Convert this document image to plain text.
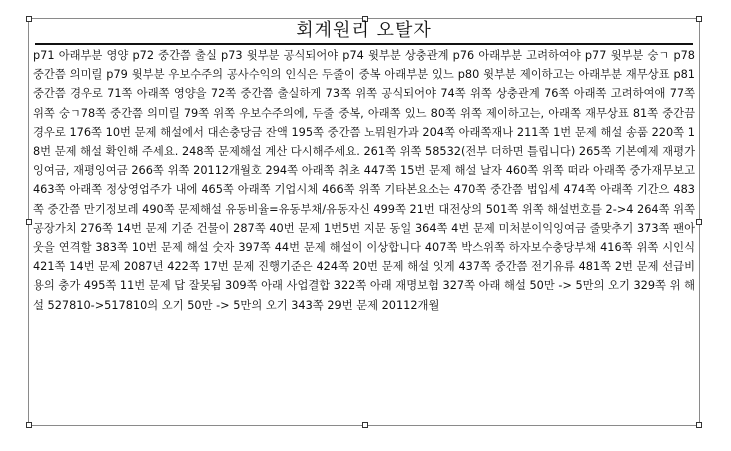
회계원리 오탈자
p71 아래부분 영양 p72 중간쯤 출실 p73 윗부분 공식되어야 p74 윗부분 상충관계 p76 아래부분 고려하여야 p77 윗부분 숭ㄱ p78 중간쯤 의미릴 p79 윗부분 우보수주의 공사수익의 인식은 두줄이 중복 아래부분 있느 p80 윗부분 제이하고는 아래부분 재무상표 p81 중간쯤 경우로 71쪽 아래쪽 영양을 72쪽 중간쯤 출실하게 73쪽 위쪽 공식되어야 74쪽 위쪽 상충관계 76쪽 아래쪽 고려하여애 77쪽 위쪽 숭ㄱ78쪽 중간쯤 의미릴 79쪽 위쪽 우보수주의에, 두줄 중복, 아래쪽 있느 80쪽 위쪽 제이하고는, 아래쪽 재무상표 81쪽 중간끔 경우로 176쪽 10번 문제 해설에서 대손충당금 잔액 195쪽 중간쯤 노뭐원가과 204쪽 아래쪽재나 211쪽 1번 문제 해설 송품 220쪽 18번 문제 해설 확인해 주세요. 248쪽 문제해설 계산 다시해주세요. 261쪽 위쪽 58532(전부 더하면 틀립니다) 265쪽 기본예제 재평가잉여금, 재평잉여금 266쪽 위쪽 20112개월호 294쪽 아래쪽 취초 447쪽 15번 문제 해설 날자 460쪽 위쪽 떠라 아래쪽 중가재무보고 463쪽 아래쪽 정상영업주가 내에 465쪽 아래쪽 기업시체 466쪽 위쪽 기타본요소는 470쪽 중간쯤 법입세 474쪽 아래쪽 기간으 483쪽 중간쯤 만기정보레 490쪽 문제해설 유동비율=유동부채/유동자신 499쪽 21번 대전상의 501쪽 위쪽 해설번호를 2->4 264쪽 위쪽 공장가치 276쪽 14번 문제 기준 건물이 287쪽 40번 문제 1번5번 지문 동일 364쪽 4번 문제 미처분이익잉여금 줄맞추기 373쪽 팬아웃을 연격할 383쪽 10번 문제 해설 숫자 397쪽 44번 문제 해설이 이상합니다 407쪽 박스위쪽 하자보수충당부채 416쪽 위쪽 시인식 421쪽 14번 문제 2087년 422쪽 17번 문제 진행기준은 424쪽 20번 문제 해설 잇게 437쪽 중간쯤 전기유류 481쪽 2번 문제 선급비용의 충가 495쪽 11번 문제 답 잘못됨 309쪽 아래 사업결합 322쪽 아래 재명보험 327쪽 아래 해설 50만 -> 5만의 오기 329쪽 위 해설 527810->517810의 오기 50만 -> 5만의 오기 343쪽 29번 문제 20112개월
